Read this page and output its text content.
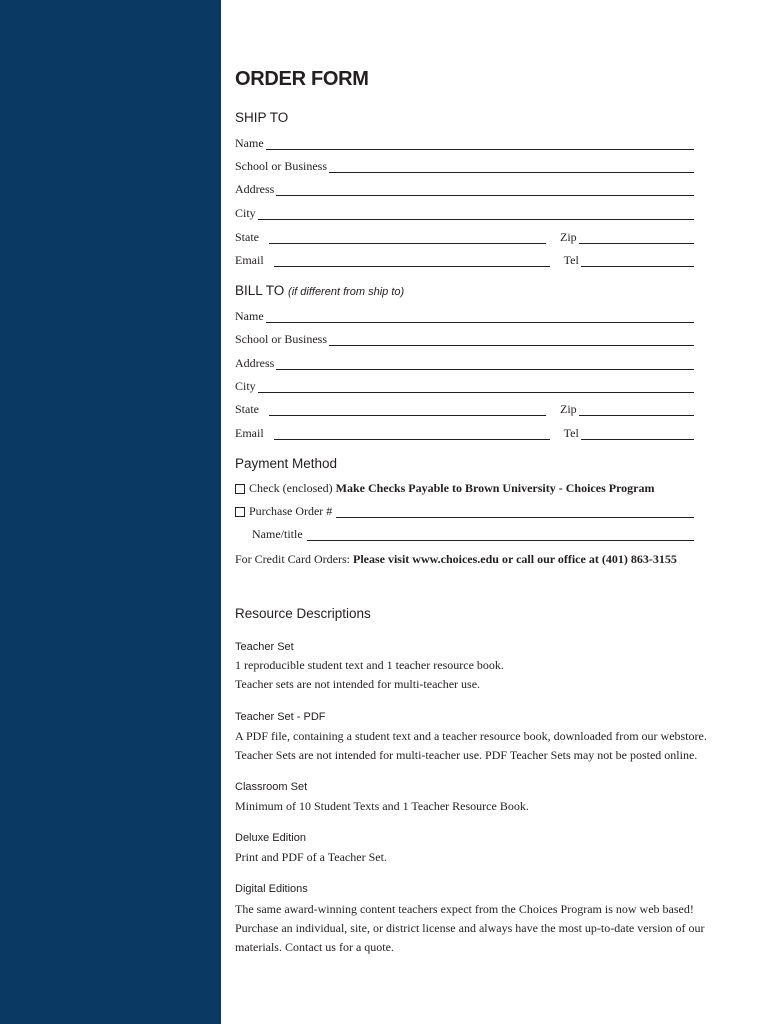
ORDER FORM
SHIP TO
Name
School or Business
Address
City
State	Zip
Email	Tel
BILL TO (if different from ship to)
Name
School or Business
Address
City
State	Zip
Email	Tel
Payment Method
Check (enclosed)
Make Checks Payable to Brown University - Choices Program
Purchase Order #
Name/title
For Credit Card Orders:
Please visit www.choices.edu or call our office at (401) 863-3155
Resource Descriptions
Teacher Set
1 reproducible student text and 1 teacher resource book.
Teacher sets are not intended for multi-teacher use.
Teacher Set - PDF
A PDF file, containing a student text and a teacher resource book, downloaded from our webstore.
Teacher Sets are not intended for multi-teacher use. PDF Teacher Sets may not be posted online.
Classroom Set
Minimum of 10 Student Texts and 1 Teacher Resource Book.
Deluxe Edition
Print and PDF of a Teacher Set.
Digital Editions
The same award-winning content teachers expect from the Choices Program is now web based!
Purchase an individual, site, or district license and always have the most up-to-date version of our
materials. Contact us for a quote.
